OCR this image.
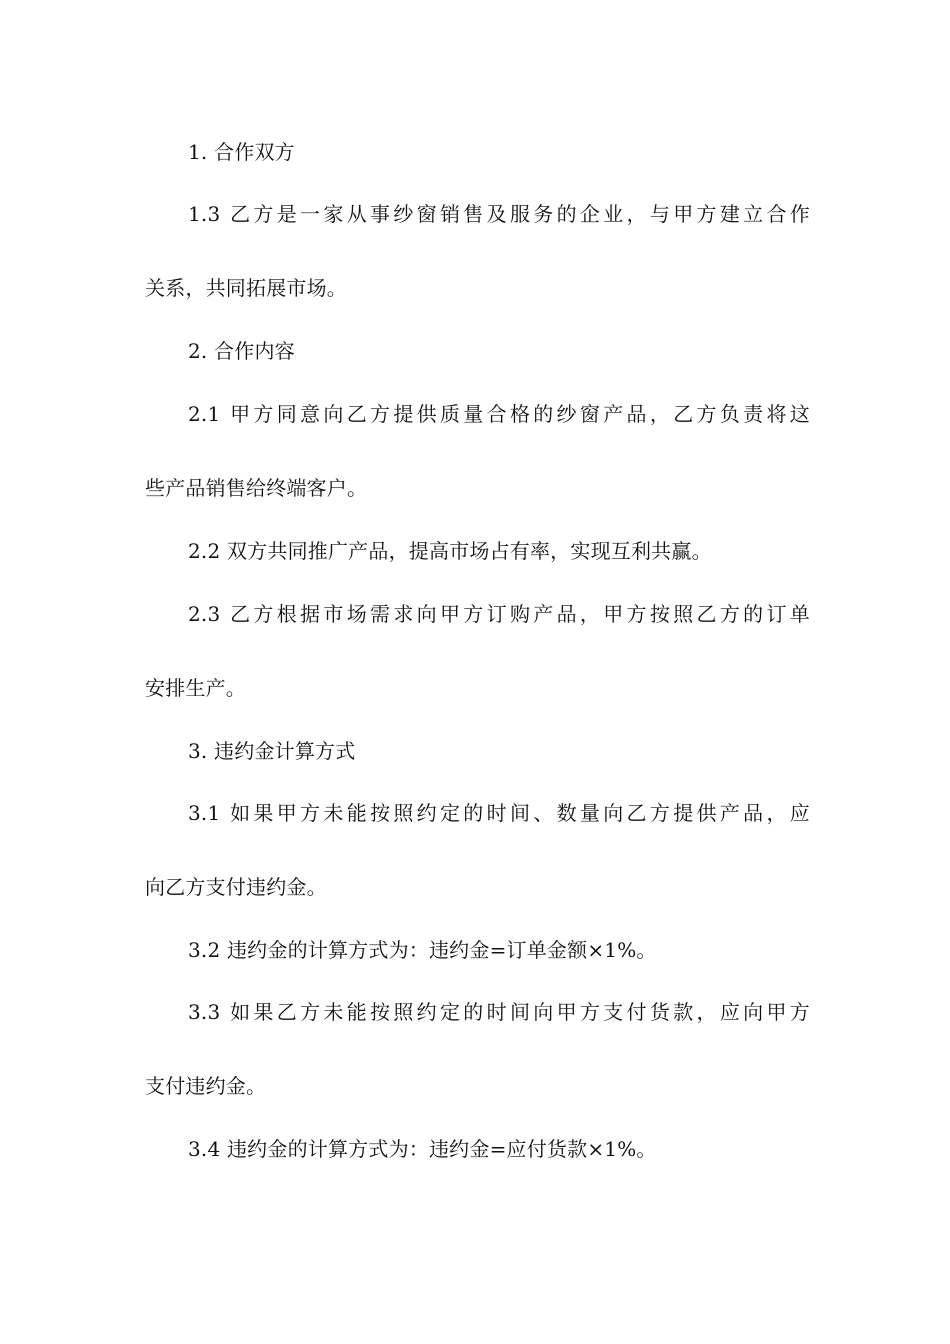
1. 合作双方
1.3 乙方是一家从事纱窗销售及服务的企业，与甲方建立合作
关系，共同拓展市场。
2. 合作内容
2.1 甲方同意向乙方提供质量合格的纱窗产品，乙方负责将这
些产品销售给终端客户。
2.2 双方共同推广产品，提高市场占有率，实现互利共赢。
2.3 乙方根据市场需求向甲方订购产品，甲方按照乙方的订单
安排生产。
3. 违约金计算方式
3.1 如果甲方未能按照约定的时间、数量向乙方提供产品，应
向乙方支付违约金。
3.2 违约金的计算方式为：违约金=订单金额×1%。
3.3 如果乙方未能按照约定的时间向甲方支付货款，应向甲方
支付违约金。
3.4 违约金的计算方式为：违约金=应付货款×1%。
